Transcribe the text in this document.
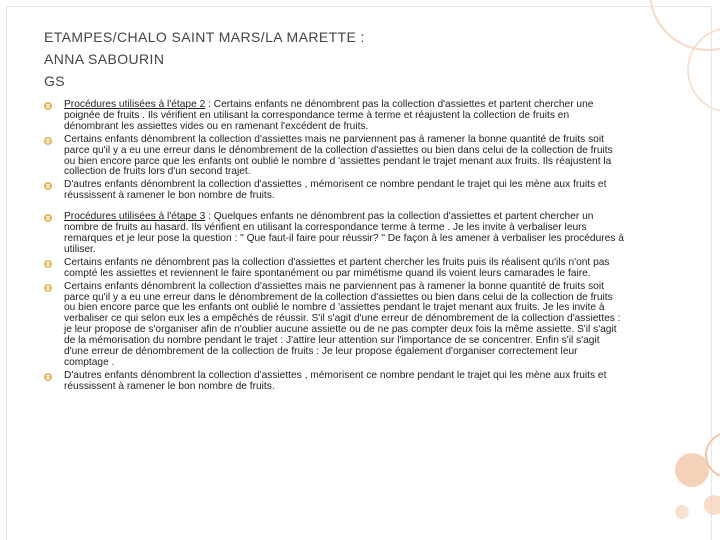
ETAMPES/CHALO SAINT MARS/LA MARETTE :
ANNA SABOURIN
GS
Procédures utilisées à l'étape 2 : Certains enfants ne dénombrent pas la collection d'assiettes et partent chercher une poignée de fruits . Ils vérifient en utilisant la correspondance terme à terme et réajustent la collection de fruits en dénombrant les assiettes vides ou en ramenant l'excédent de fruits.
Certains enfants dénombrent la collection d'assiettes mais ne parviennent pas à ramener la bonne quantité de fruits soit parce qu'il y a eu une erreur dans le dénombrement de la collection d'assiettes ou bien dans celui de la collection de fruits ou bien encore parce que les enfants ont oublié le nombre d 'assiettes pendant le trajet menant aux fruits. Ils réajustent la collection de fruits lors d'un second trajet.
D'autres enfants dénombrent la collection d'assiettes , mémorisent ce nombre pendant le trajet qui les mène aux fruits et réussissent à ramener le bon nombre de fruits.
Procédures utilisées à l'étape 3 : Quelques enfants ne dénombrent pas la collection d'assiettes et partent chercher un nombre de fruits au hasard. Ils vérifient en utilisant la correspondance terme à terme . Je les invite à verbaliser leurs remarques et je leur pose la question : " Que faut-il faire pour réussir? " De façon à les amener à verbaliser les procédures à utiliser.
Certains enfants ne dénombrent pas la collection d'assiettes et partent chercher les fruits puis ils réalisent qu'ils n'ont pas compté les assiettes et reviennent le faire spontanément ou par mimétisme quand ils voient leurs camarades le faire.
Certains enfants dénombrent la collection d'assiettes mais ne parviennent pas à ramener la bonne quantité de fruits soit parce qu'il y a eu une erreur dans le dénombrement de la collection d'assiettes ou bien dans celui de la collection de fruits ou bien encore parce que les enfants ont oublié le nombre d 'assiettes pendant le trajet menant aux fruits. Je les invite à verbaliser ce qui selon eux les a empêchés de réussir. S'il s'agit d'une erreur de dénombrement de la collection d'assiettes : je leur propose de s'organiser afin de n'oublier aucune assiette ou de ne pas compter deux fois la même assiette. S'il s'agit de la mémorisation du nombre pendant le trajet : J'attire leur attention sur l'importance de se concentrer. Enfin s'il s'agit d'une erreur de dénombrement de la collection de fruits : Je leur propose également d'organiser correctement leur comptage .
D'autres enfants dénombrent la collection d'assiettes , mémorisent ce nombre pendant le trajet qui les mène aux fruits et réussissent à ramener le bon nombre de fruits.
